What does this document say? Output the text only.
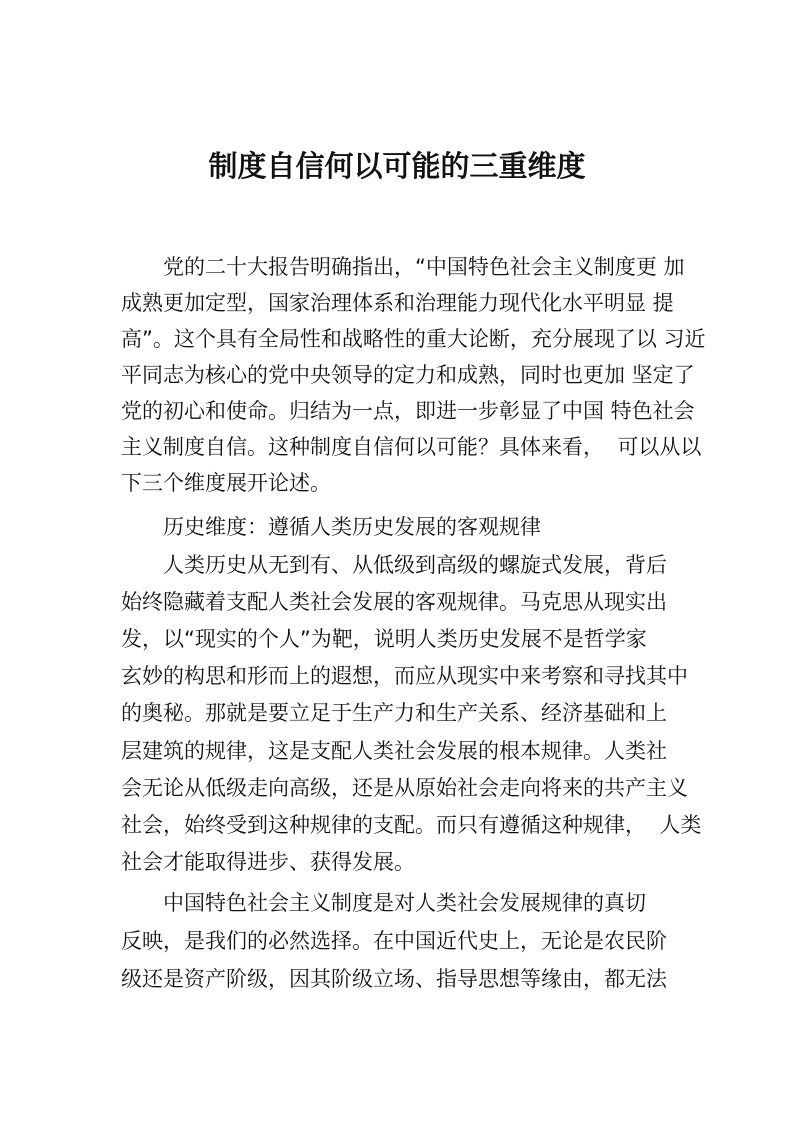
制度自信何以可能的三重维度
党的二十大报告明确指出，“中国特色社会主义制度更 加
成熟更加定型，国家治理体系和治理能力现代化水平明显 提
高”。这个具有全局性和战略性的重大论断，充分展现了以 习近
平同志为核心的党中央领导的定力和成熟，同时也更加 坚定了
党的初心和使命。归结为一点，即进一步彰显了中国 特色社会
主义制度自信。这种制度自信何以可能？具体来看，  可以从以
下三个维度展开论述。
历史维度：遵循人类历史发展的客观规律
人类历史从无到有、从低级到高级的螺旋式发展，背后
始终隐藏着支配人类社会发展的客观规律。马克思从现实出
发，以“现实的个人”为靶，说明人类历史发展不是哲学家
玄妙的构思和形而上的遐想，而应从现实中来考察和寻找其中
的奥秘。那就是要立足于生产力和生产关系、经济基础和上
层建筑的规律，这是支配人类社会发展的根本规律。人类社
会无论从低级走向高级，还是从原始社会走向将来的共产主义
社会，始终受到这种规律的支配。而只有遵循这种规律，  人类
社会才能取得进步、获得发展。
中国特色社会主义制度是对人类社会发展规律的真切
反映，是我们的必然选择。在中国近代史上，无论是农民阶
级还是资产阶级，因其阶级立场、指导思想等缘由，都无法
